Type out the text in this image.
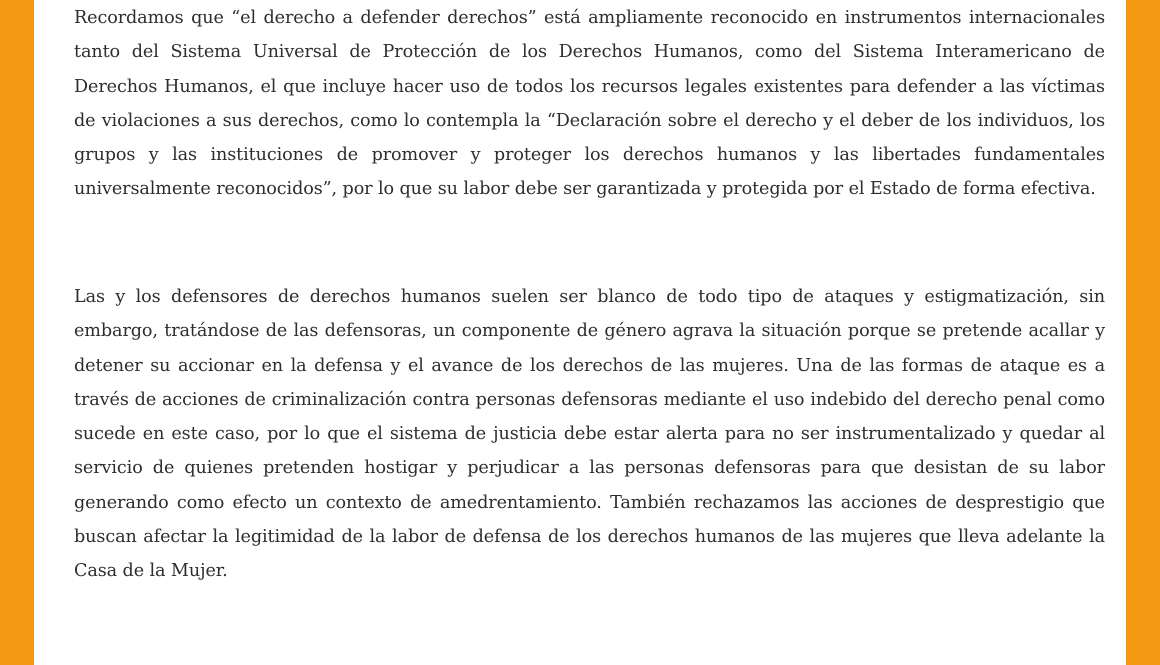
Recordamos que “el derecho a defender derechos” está ampliamente reconocido en instrumentos internacionales tanto del Sistema Universal de Protección de los Derechos Humanos, como del Sistema Interamericano de Derechos Humanos, el que incluye hacer uso de todos los recursos legales existentes para defender a las víctimas de violaciones a sus derechos, como lo contempla la “Declaración sobre el derecho y el deber de los individuos, los grupos y las instituciones de promover y proteger los derechos humanos y las libertades fundamentales universalmente reconocidos”, por lo que su labor debe ser garantizada y protegida por el Estado de forma efectiva.

Las y los defensores de derechos humanos suelen ser blanco de todo tipo de ataques y estigmatización, sin embargo, tratándose de las defensoras, un componente de género agrava la situación porque se pretende acallar y detener su accionar en la defensa y el avance de los derechos de las mujeres. Una de las formas de ataque es a través de acciones de criminalización contra personas defensoras mediante el uso indebido del derecho penal como sucede en este caso, por lo que el sistema de justicia debe estar alerta para no ser instrumentalizado y quedar al servicio de quienes pretenden hostigar y perjudicar a las personas defensoras para que desistan de su labor generando como efecto un contexto de amedrentamiento. También rechazamos las acciones de desprestigio que buscan afectar la legitimidad de la labor de defensa de los derechos humanos de las mujeres que lleva adelante la Casa de la Mujer.
